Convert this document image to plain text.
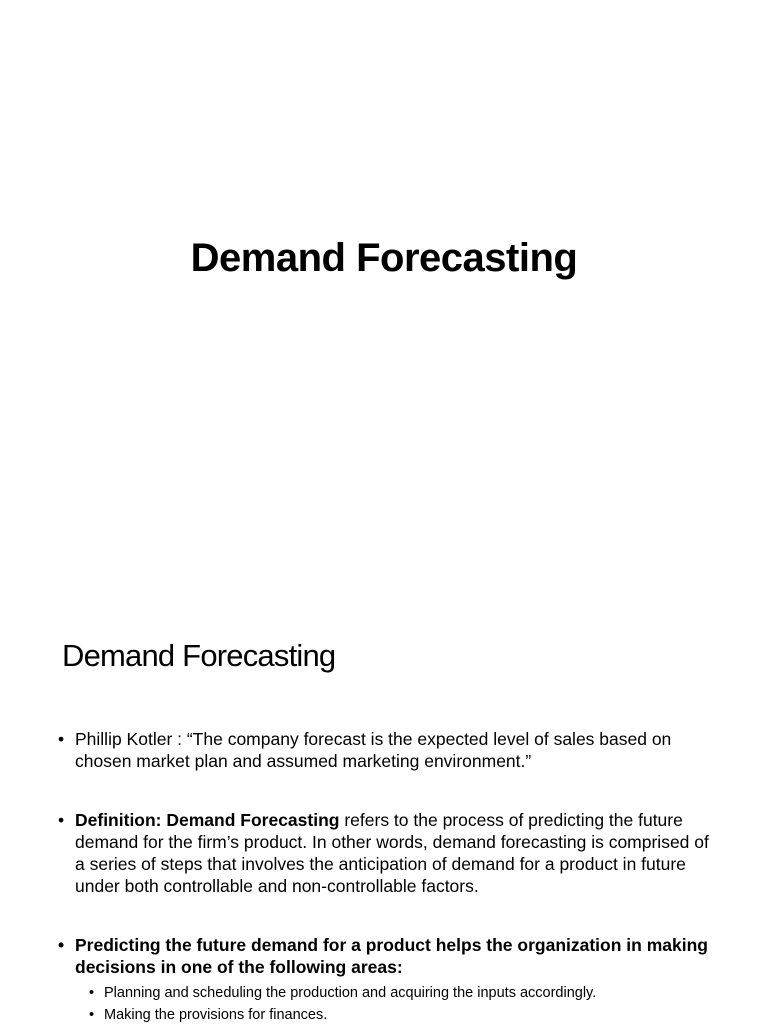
Demand Forecasting
Demand Forecasting
• Phillip Kotler : “The company forecast is the expected level of sales based on chosen market plan and assumed marketing environment.”
• Definition: Demand Forecasting refers to the process of predicting the future demand for the firm’s product. In other words, demand forecasting is comprised of a series of steps that involves the anticipation of demand for a product in future under both controllable and non-controllable factors.
• Predicting the future demand for a product helps the organization in making decisions in one of the following areas:
• Planning and scheduling the production and acquiring the inputs accordingly.
• Making the provisions for finances.
